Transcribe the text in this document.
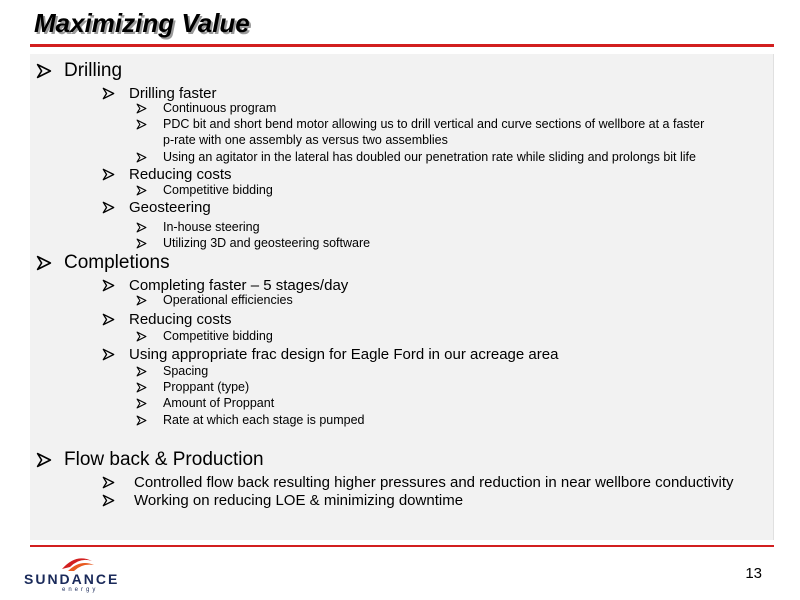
Maximizing Value
Drilling
Drilling faster
Continuous program
PDC bit and short bend motor allowing us to drill vertical and curve sections of wellbore at a faster
p-rate with one assembly as versus two assemblies
Using an agitator in the lateral has doubled our penetration rate while sliding and prolongs bit life
Reducing costs
Competitive bidding
Geosteering
In-house steering
Utilizing 3D and geosteering software
Completions
Completing faster – 5 stages/day
Operational efficiencies
Reducing costs
Competitive bidding
Using appropriate frac design for Eagle Ford in our acreage area
Spacing
Proppant (type)
Amount of Proppant
Rate at which each stage is pumped
Flow back & Production
Controlled flow back resulting higher pressures and reduction in near wellbore conductivity
Working on reducing LOE & minimizing downtime
SUNDANCE
energy
13
